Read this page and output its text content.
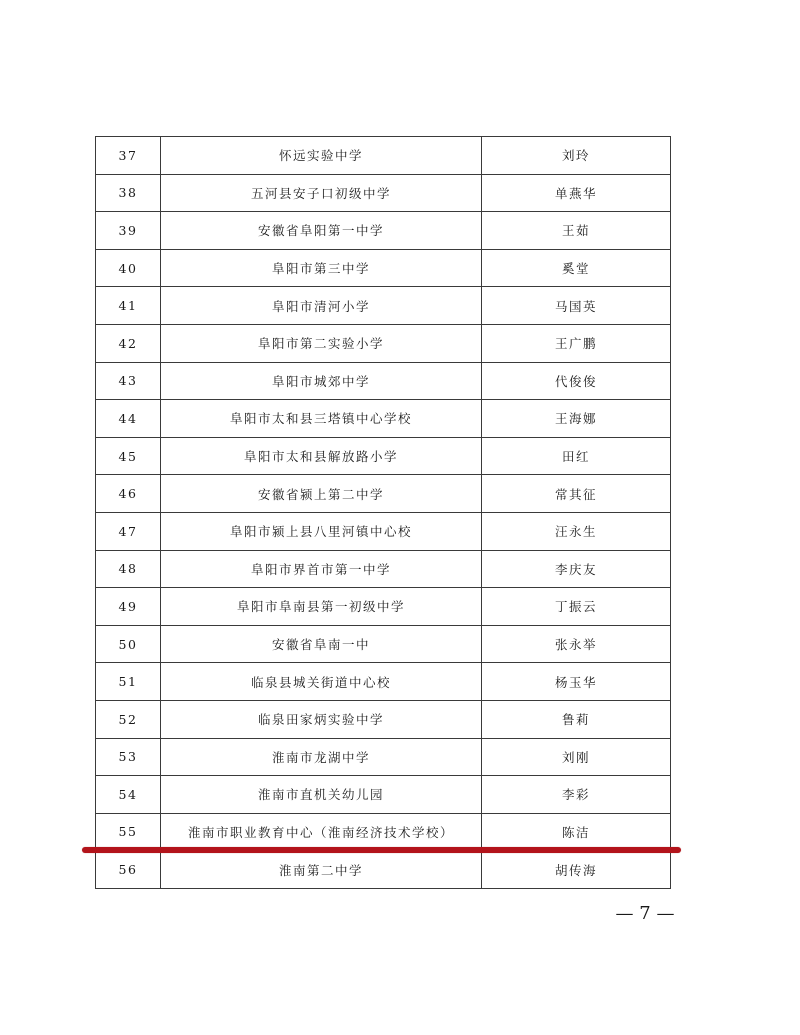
37	怀远实验中学	刘玲
38	五河县安子口初级中学	单燕华
39	安徽省阜阳第一中学	王茹
40	阜阳市第三中学	奚堂
41	阜阳市清河小学	马国英
42	阜阳市第二实验小学	王广鹏
43	阜阳市城郊中学	代俊俊
44	阜阳市太和县三塔镇中心学校	王海娜
45	阜阳市太和县解放路小学	田红
46	安徽省颍上第二中学	常其征
47	阜阳市颍上县八里河镇中心校	汪永生
48	阜阳市界首市第一中学	李庆友
49	阜阳市阜南县第一初级中学	丁振云
50	安徽省阜南一中	张永举
51	临泉县城关街道中心校	杨玉华
52	临泉田家炳实验中学	鲁莉
53	淮南市龙湖中学	刘刚
54	淮南市直机关幼儿园	李彩
55	淮南市职业教育中心（淮南经济技术学校）	陈洁
56	淮南第二中学	胡传海
— 7 —
